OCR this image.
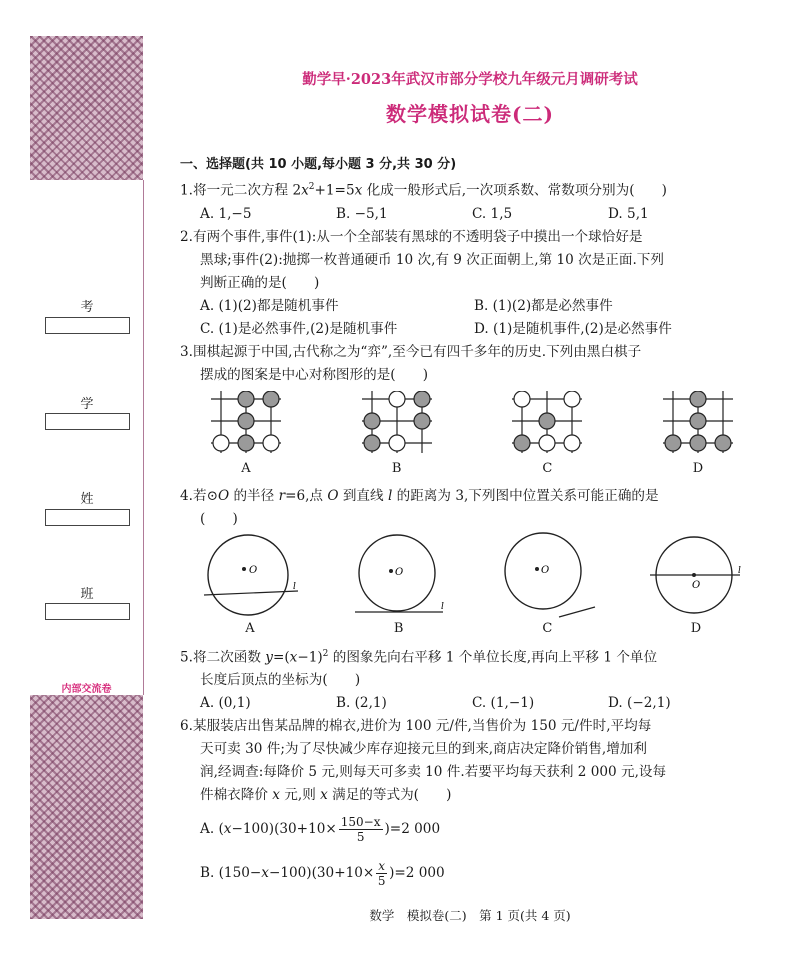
考
学
姓
班
内部交流卷
勤学早·2023年武汉市部分学校九年级元月调研考试
数学模拟试卷(二)
一、选择题(共 10 小题,每小题 3 分,共 30 分)
1.将一元二次方程 $2x^2+1=5x$ 化成一般形式后,一次项系数、常数项分别为(　　)
A. 1,−5	B. −5,1	C. 1,5	D. 5,1
2.有两个事件,事件(1):从一个全部装有黑球的不透明袋子中摸出一个球恰好是
黑球;事件(2):抛掷一枚普通硬币 10 次,有 9 次正面朝上,第 10 次是正面.下列
判断正确的是(　　)
A. (1)(2)都是随机事件	B. (1)(2)都是必然事件
C. (1)是必然事件,(2)是随机事件	D. (1)是随机事件,(2)是必然事件
3.围棋起源于中国,古代称之为“弈”,至今已有四千多年的历史.下列由黑白棋子
摆成的图案是中心对称图形的是(　　)
A	B	C	D
4.若⊙O 的半径 r=6,点 O 到直线 l 的距离为 3,下列图中位置关系可能正确的是
(　　)
O
l
A
O
l
B
O
C
O
l
D
5.将二次函数 $y=(x-1)^2$ 的图象先向右平移 1 个单位长度,再向上平移 1 个单位
长度后顶点的坐标为(　　)
A. (0,1)	B. (2,1)	C. (1,−1)	D. (−2,1)
6.某服装店出售某品牌的棉衣,进价为 100 元/件,当售价为 150 元/件时,平均每
天可卖 30 件;为了尽快减少库存迎接元旦的到来,商店决定降价销售,增加利
润,经调查:每降价 5 元,则每天可多卖 10 件.若要平均每天获利 2 000 元,设每
件棉衣降价 x 元,则 x 满足的等式为(　　)
A. ( $x -100)(30+10\times \frac{150-x}{5} )=2$ 000
B. $(150- x -100)(30+10\times \frac{x}{5} )=2$ 000
数学　模拟卷(二)　第 1 页(共 4 页)
